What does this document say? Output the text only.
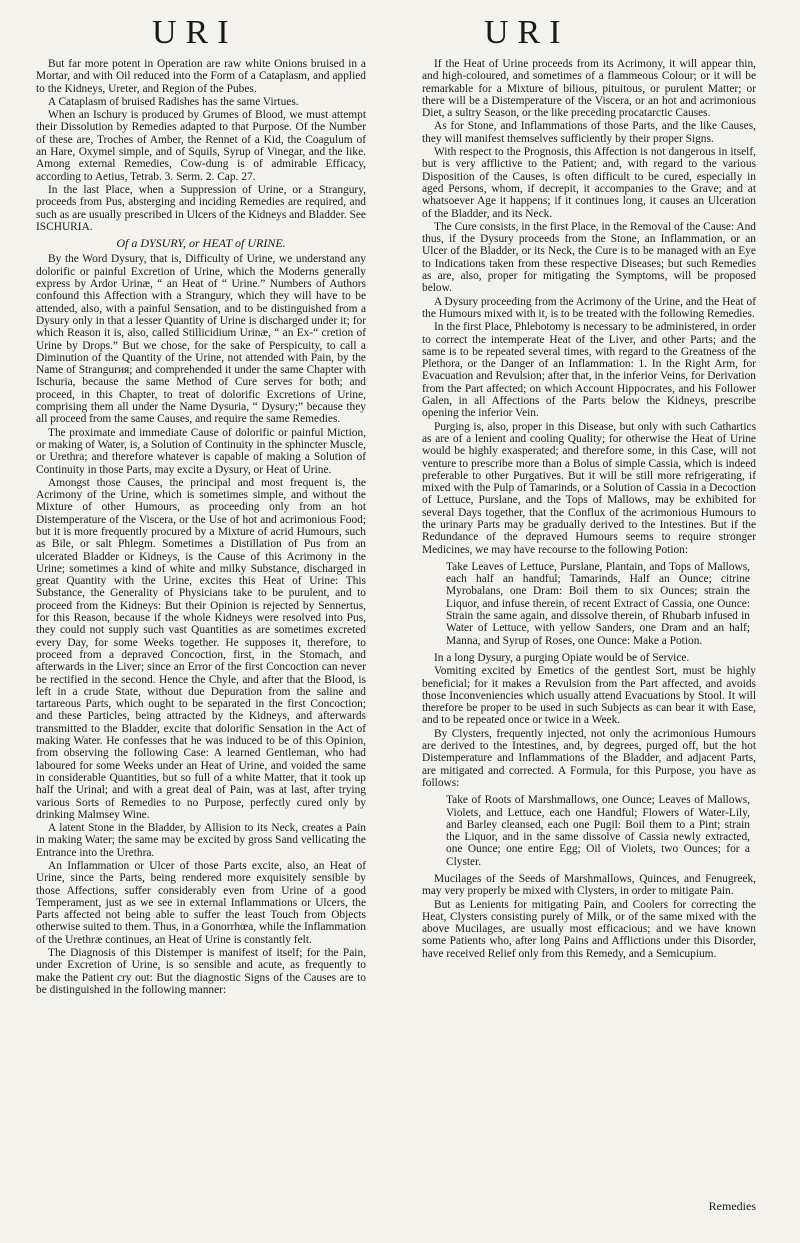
URI	URI

But far more potent in Operation are raw white Onions bruised in a Mortar, and with Oil reduced into the Form of a Cataplasm, and applied to the Kidneys, Ureter, and Region of the Pubes.

A Cataplasm of bruised Radishes has the same Virtues.

When an Ischury is produced by Grumes of Blood, we must attempt their Dissolution by Remedies adapted to that Purpose. Of the Number of these are, Troches of Amber, the Rennet of a Kid, the Coagulum of an Hare, Oxymel simple, and of Squils, Syrup of Vinegar, and the like. Among external Remedies, Cow-dung is of admirable Efficacy, according to Aetius, Tetrab. 3. Serm. 2. Cap. 27.

In the last Place, when a Suppression of Urine, or a Strangury, proceeds from Pus, absterging and inciding Remedies are required, and such as are usually prescribed in Ulcers of the Kidneys and Bladder. See ISCHURIA.

Of a DYSURY, or HEAT of URINE.

By the Word Dysury, that is, Difficulty of Urine, we understand any dolorific or painful Excretion of Urine, which the Moderns generally express by Ardor Urinæ, “ an Heat of “ Urine.” Numbers of Authors confound this Affection with a Strangury, which they will have to be attended, also, with a painful Sensation, and to be distinguished from a Dysury only in that a lesser Quantity of Urine is discharged under it; for which Reason it is, also, called Stillicidium Urinæ, “ an Ex-“ cretion of Urine by Drops.” But we chose, for the sake of Perspicuity, to call a Diminution of the Quantity of the Urine, not attended with Pain, by the Name of Strangurия; and comprehended it under the same Chapter with Ischuria, because the same Method of Cure serves for both; and proceed, in this Chapter, to treat of dolorific Excretions of Urine, comprising them all under the Name Dysuria, “ Dysury;” because they all proceed from the same Causes, and require the same Remedies.

The proximate and immediate Cause of dolorific or painful Miction, or making of Water, is, a Solution of Continuity in the sphincter Muscle, or Urethra; and therefore whatever is capable of making a Solution of Continuity in those Parts, may excite a Dysury, or Heat of Urine.

Amongst those Causes, the principal and most frequent is, the Acrimony of the Urine, which is sometimes simple, and without the Mixture of other Humours, as proceeding only from an hot Distemperature of the Viscera, or the Use of hot and acrimonious Food; but it is more frequently procured by a Mixture of acrid Humours, such as Bile, or salt Phlegm. Sometimes a Distillation of Pus from an ulcerated Bladder or Kidneys, is the Cause of this Acrimony in the Urine; sometimes a kind of white and milky Substance, discharged in great Quantity with the Urine, excites this Heat of Urine: This Substance, the Generality of Physicians take to be purulent, and to proceed from the Kidneys: But their Opinion is rejected by Sennertus, for this Reason, because if the whole Kidneys were resolved into Pus, they could not supply such vast Quantities as are sometimes excreted every Day, for some Weeks together. He supposes it, therefore, to proceed from a depraved Concoction, first, in the Stomach, and afterwards in the Liver; since an Error of the first Concoction can never be rectified in the second. Hence the Chyle, and after that the Blood, is left in a crude State, without due Depuration from the saline and tartareous Parts, which ought to be separated in the first Concoction; and these Particles, being attracted by the Kidneys, and afterwards transmitted to the Bladder, excite that dolorific Sensation in the Act of making Water. He confesses that he was induced to be of this Opinion, from observing the following Case: A learned Gentleman, who had laboured for some Weeks under an Heat of Urine, and voided the same in considerable Quantities, but so full of a white Matter, that it took up half the Urinal; and with a great deal of Pain, was at last, after trying various Sorts of Remedies to no Purpose, perfectly cured only by drinking Malmsey Wine.

A latent Stone in the Bladder, by Allision to its Neck, creates a Pain in making Water; the same may be excited by gross Sand vellicating the Entrance into the Urethra.

An Inflammation or Ulcer of those Parts excite, also, an Heat of Urine, since the Parts, being rendered more exquisitely sensible by those Affections, suffer considerably even from Urine of a good Temperament, just as we see in external Inflammations or Ulcers, the Parts affected not being able to suffer the least Touch from Objects otherwise suited to them. Thus, in a Gonorrhœa, while the Inflammation of the Urethræ continues, an Heat of Urine is constantly felt.

The Diagnosis of this Distemper is manifest of itself; for the Pain, under Excretion of Urine, is so sensible and acute, as frequently to make the Patient cry out: But the diagnostic Signs of the Causes are to be distinguished in the following manner:

If the Heat of Urine proceeds from its Acrimony, it will appear thin, and high-coloured, and sometimes of a flammeous Colour; or it will be remarkable for a Mixture of bilious, pituitous, or purulent Matter; or there will be a Distemperature of the Viscera, or an hot and acrimonious Diet, a sultry Season, or the like preceding procatarctic Causes.

As for Stone, and Inflammations of those Parts, and the like Causes, they will manifest themselves sufficiently by their proper Signs.

With respect to the Prognosis, this Affection is not dangerous in itself, but is very afflictive to the Patient; and, with regard to the various Disposition of the Causes, is often difficult to be cured, especially in aged Persons, whom, if decrepit, it accompanies to the Grave; and at whatsoever Age it happens; if it continues long, it causes an Ulceration of the Bladder, and its Neck.

The Cure consists, in the first Place, in the Removal of the Cause: And thus, if the Dysury proceeds from the Stone, an Inflammation, or an Ulcer of the Bladder, or its Neck, the Cure is to be managed with an Eye to Indications taken from these respective Diseases; but such Remedies as are, also, proper for mitigating the Symptoms, will be proposed below.

A Dysury proceeding from the Acrimony of the Urine, and the Heat of the Humours mixed with it, is to be treated with the following Remedies.

In the first Place, Phlebotomy is necessary to be administered, in order to correct the intemperate Heat of the Liver, and other Parts; and the same is to be repeated several times, with regard to the Greatness of the Plethora, or the Danger of an Inflammation: 1. In the Right Arm, for Evacuation and Revulsion; after that, in the inferior Veins, for Derivation from the Part affected; on which Account Hippocrates, and his Follower Galen, in all Affections of the Parts below the Kidneys, prescribe opening the inferior Vein.

Purging is, also, proper in this Disease, but only with such Cathartics as are of a lenient and cooling Quality; for otherwise the Heat of Urine would be highly exasperated; and therefore some, in this Case, will not venture to prescribe more than a Bolus of simple Cassia, which is indeed preferable to other Purgatives. But it will be still more refrigerating, if mixed with the Pulp of Tamarinds, or a Solution of Cassia in a Decoction of Lettuce, Purslane, and the Tops of Mallows, may be exhibited for several Days together, that the Conflux of the acrimonious Humours to the urinary Parts may be gradually derived to the Intestines. But if the Redundance of the depraved Humours seems to require stronger Medicines, we may have recourse to the following Potion:

Take Leaves of Lettuce, Purslane, Plantain, and Tops of Mallows, each half an handful; Tamarinds, Half an Ounce; citrine Myrobalans, one Dram: Boil them to six Ounces; strain the Liquor, and infuse therein, of recent Extract of Cassia, one Ounce: Strain the same again, and dissolve therein, of Rhubarb infused in Water of Lettuce, with yellow Sanders, one Dram and an half; Manna, and Syrup of Roses, one Ounce: Make a Potion.

In a long Dysury, a purging Opiate would be of Service.

Vomiting excited by Emetics of the gentlest Sort, must be highly beneficial; for it makes a Revulsion from the Part affected, and avoids those Inconveniencies which usually attend Evacuations by Stool. It will therefore be proper to be used in such Subjects as can bear it with Ease, and to be repeated once or twice in a Week.

By Clysters, frequently injected, not only the acrimonious Humours are derived to the Intestines, and, by degrees, purged off, but the hot Distemperature and Inflammations of the Bladder, and adjacent Parts, are mitigated and corrected. A Formula, for this Purpose, you have as follows:

Take of Roots of Marshmallows, one Ounce; Leaves of Mallows, Violets, and Lettuce, each one Handful; Flowers of Water-Lily, and Barley cleansed, each one Pugil: Boil them to a Pint; strain the Liquor, and in the same dissolve of Cassia newly extracted, one Ounce; one entire Egg; Oil of Violets, two Ounces; for a Clyster.

Mucilages of the Seeds of Marshmallows, Quinces, and Fenugreek, may very properly be mixed with Clysters, in order to mitigate Pain.

But as Lenients for mitigating Pain, and Coolers for correcting the Heat, Clysters consisting purely of Milk, or of the same mixed with the above Mucilages, are usually most efficacious; and we have known some Patients who, after long Pains and Afflictions under this Disorder, have received Relief only from this Remedy, and a Semicupium.

Remedies
